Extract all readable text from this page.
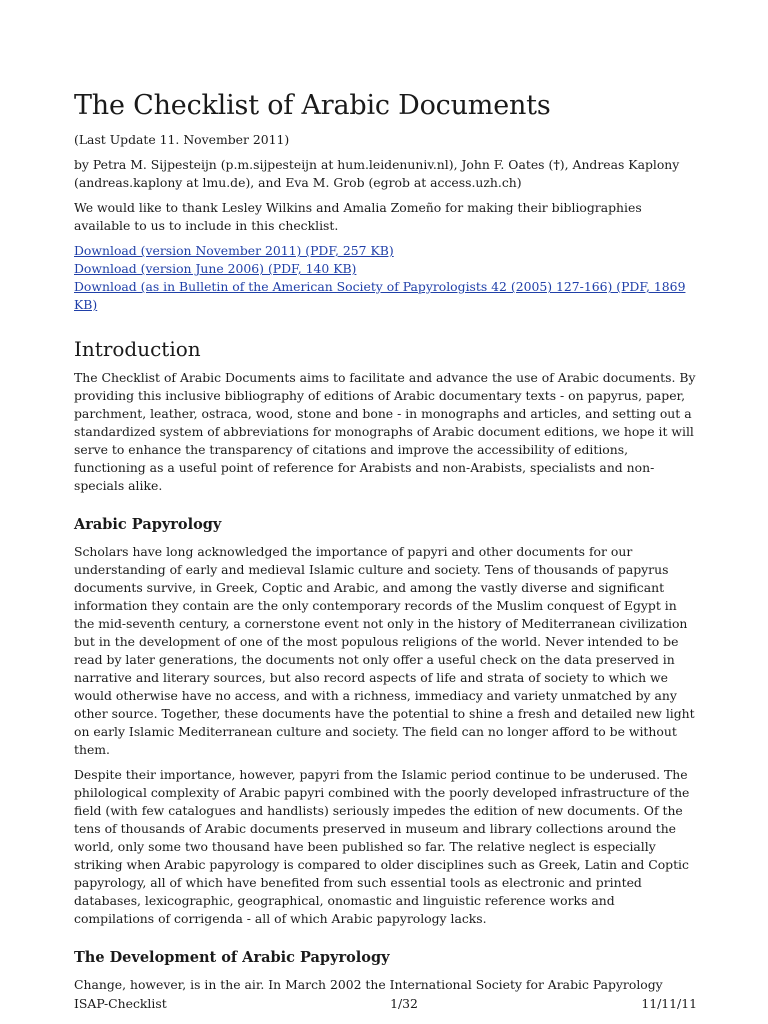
The Checklist of Arabic Documents

(Last Update 11. November 2011)

by Petra M. Sijpesteijn (p.m.sijpesteijn at hum.leidenuniv.nl), John F. Oates (†), Andreas Kaplony (andreas.kaplony at lmu.de), and Eva M. Grob (egrob at access.uzh.ch)

We would like to thank Lesley Wilkins and Amalia Zomeño for making their bibliographies available to us to include in this checklist.

Download (version November 2011) (PDF, 257 KB)
Download (version June 2006) (PDF, 140 KB)
Download (as in Bulletin of the American Society of Papyrologists 42 (2005) 127-166) (PDF, 1869 KB)
Introduction

The Checklist of Arabic Documents aims to facilitate and advance the use of Arabic documents. By providing this inclusive bibliography of editions of Arabic documentary texts - on papyrus, paper, parchment, leather, ostraca, wood, stone and bone - in monographs and articles, and setting out a standardized system of abbreviations for monographs of Arabic document editions, we hope it will serve to enhance the transparency of citations and improve the accessibility of editions, functioning as a useful point of reference for Arabists and non-Arabists, specialists and non-specials alike.

Arabic Papyrology

Scholars have long acknowledged the importance of papyri and other documents for our understanding of early and medieval Islamic culture and society. Tens of thousands of papyrus documents survive, in Greek, Coptic and Arabic, and among the vastly diverse and significant information they contain are the only contemporary records of the Muslim conquest of Egypt in the mid-seventh century, a cornerstone event not only in the history of Mediterranean civilization but in the development of one of the most populous religions of the world. Never intended to be read by later generations, the documents not only offer a useful check on the data preserved in narrative and literary sources, but also record aspects of life and strata of society to which we would otherwise have no access, and with a richness, immediacy and variety unmatched by any other source. Together, these documents have the potential to shine a fresh and detailed new light on early Islamic Mediterranean culture and society. The field can no longer afford to be without them.

Despite their importance, however, papyri from the Islamic period continue to be underused. The philological complexity of Arabic papyri combined with the poorly developed infrastructure of the field (with few catalogues and handlists) seriously impedes the edition of new documents. Of the tens of thousands of Arabic documents preserved in museum and library collections around the world, only some two thousand have been published so far. The relative neglect is especially striking when Arabic papyrology is compared to older disciplines such as Greek, Latin and Coptic papyrology, all of which have benefited from such essential tools as electronic and printed databases, lexicographic, geographical, onomastic and linguistic reference works and compilations of corrigenda - all of which Arabic papyrology lacks.

The Development of Arabic Papyrology

Change, however, is in the air. In March 2002 the International Society for Arabic Papyrology

ISAP-Checklist	1/32	11/11/11
